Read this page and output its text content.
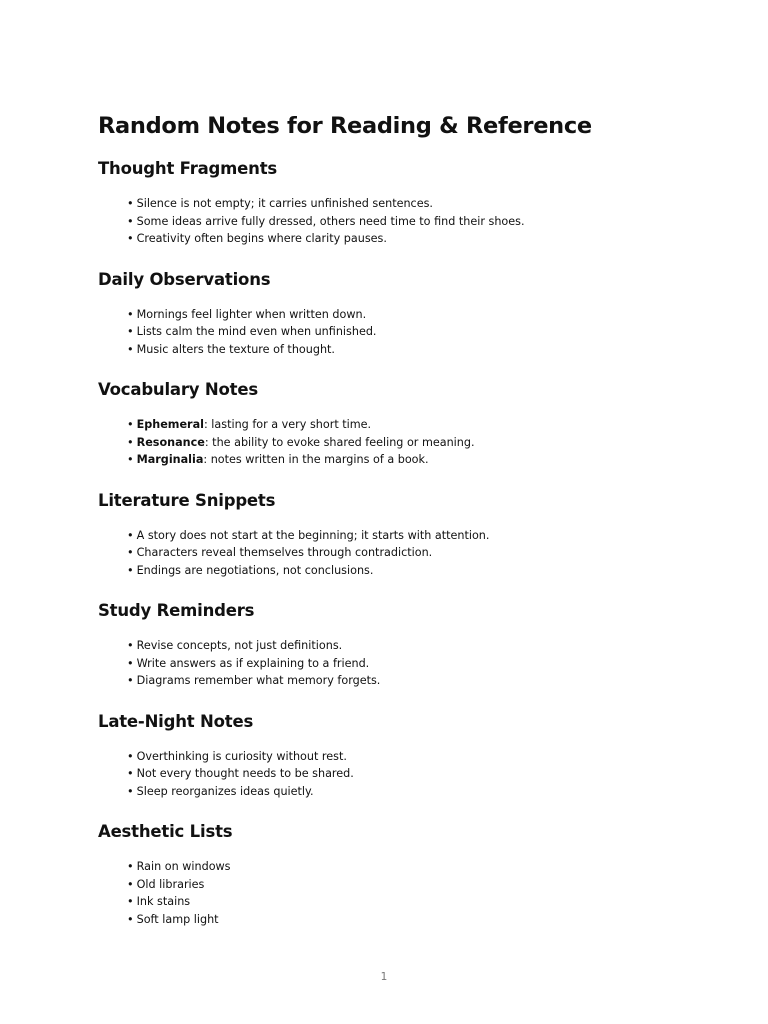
Random Notes for Reading & Reference
Thought Fragments
• Silence is not empty; it carries unfinished sentences.
• Some ideas arrive fully dressed, others need time to find their shoes.
• Creativity often begins where clarity pauses.
Daily Observations
• Mornings feel lighter when written down.
• Lists calm the mind even when unfinished.
• Music alters the texture of thought.
Vocabulary Notes
• Ephemeral: lasting for a very short time.
• Resonance: the ability to evoke shared feeling or meaning.
• Marginalia: notes written in the margins of a book.
Literature Snippets
• A story does not start at the beginning; it starts with attention.
• Characters reveal themselves through contradiction.
• Endings are negotiations, not conclusions.
Study Reminders
• Revise concepts, not just definitions.
• Write answers as if explaining to a friend.
• Diagrams remember what memory forgets.
Late-Night Notes
• Overthinking is curiosity without rest.
• Not every thought needs to be shared.
• Sleep reorganizes ideas quietly.
Aesthetic Lists
• Rain on windows
• Old libraries
• Ink stains
• Soft lamp light
1
